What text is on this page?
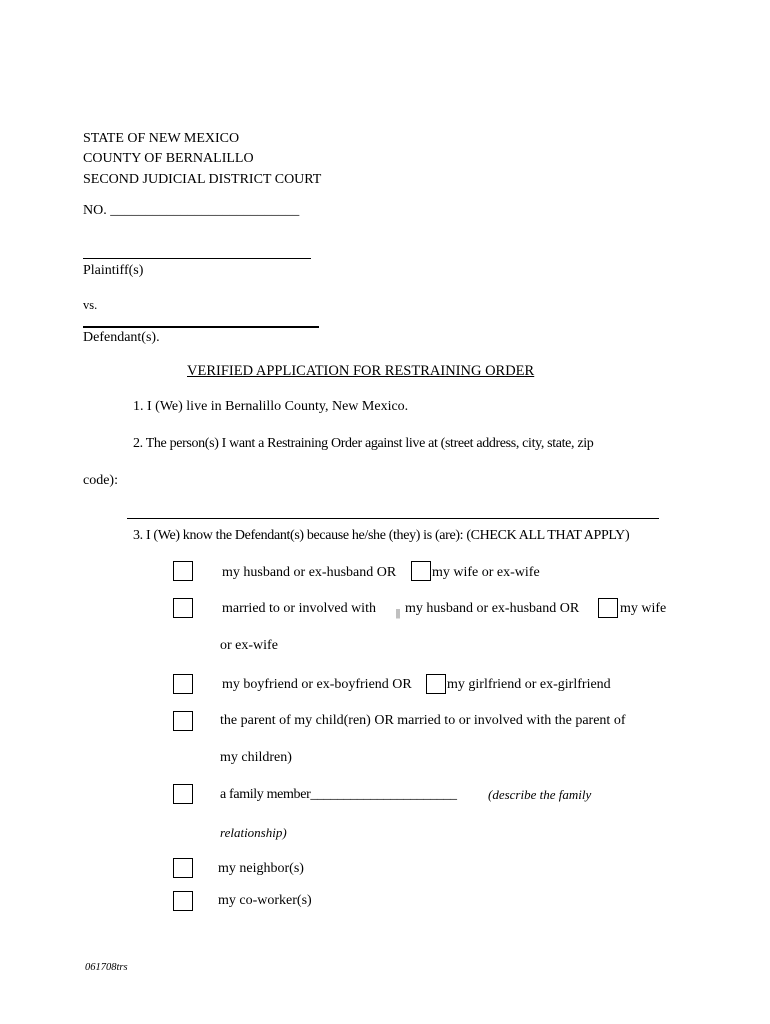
STATE OF NEW MEXICO
COUNTY OF BERNALILLO
SECOND JUDICIAL DISTRICT COURT
NO. ___________________________
Plaintiff(s)
vs.
Defendant(s).
VERIFIED APPLICATION FOR RESTRAINING ORDER
1. I (We) live in Bernalillo County, New Mexico.
2. The person(s) I want a Restraining Order against live at (street address, city, state, zip
code):
3. I (We) know the Defendant(s) because he/she (they) is (are): (CHECK ALL THAT APPLY)
my husband or ex-husband OR	my wife or ex-wife
married to or involved with || my husband or ex-husband OR	my wife
or ex-wife
my boyfriend or ex-boyfriend OR	my girlfriend or ex-girlfriend
the parent of my child(ren) OR married to or involved with the parent of
my children)
a family member______________________ (describe the family
relationship)
my neighbor(s)
my co-worker(s)
061708trs
